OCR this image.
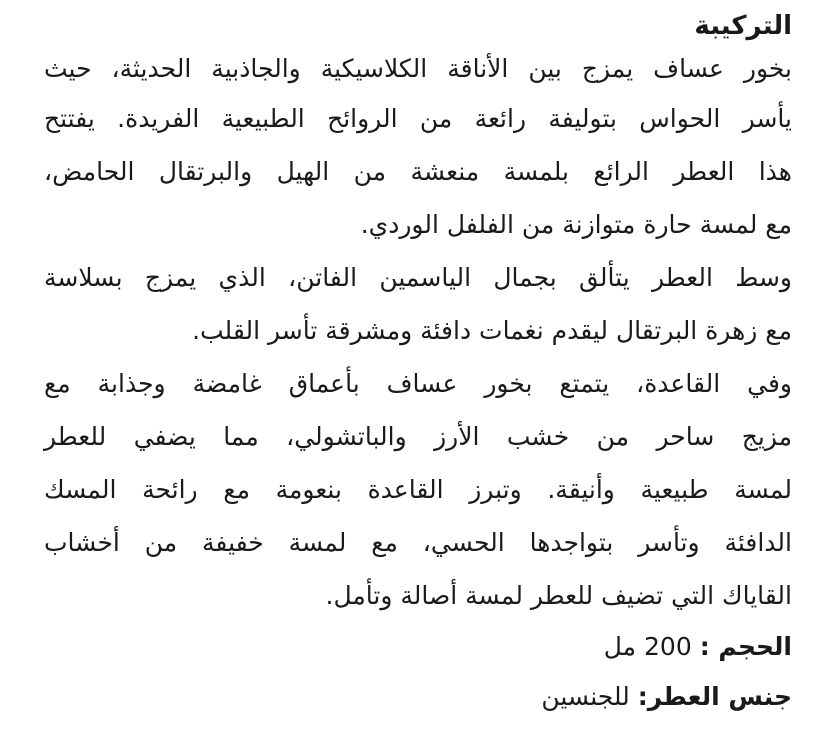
التركيبة
بخور عساف يمزج بين الأناقة الكلاسيكية والجاذبية الحديثة، حيث
يأسر الحواس بتوليفة رائعة من الروائح الطبيعية الفريدة. يفتتح
هذا العطر الرائع بلمسة منعشة من الهيل والبرتقال الحامض،
مع لمسة حارة متوازنة من الفلفل الوردي.
وسط العطر يتألق بجمال الياسمين الفاتن، الذي يمزج بسلاسة
مع زهرة البرتقال ليقدم نغمات دافئة ومشرقة تأسر القلب.
وفي القاعدة، يتمتع بخور عساف بأعماق غامضة وجذابة مع
مزيج ساحر من خشب الأرز والباتشولي، مما يضفي للعطر
لمسة طبيعية وأنيقة. وتبرز القاعدة بنعومة مع رائحة المسك
الدافئة وتأسر بتواجدها الحسي، مع لمسة خفيفة من أخشاب
القاياك التي تضيف للعطر لمسة أصالة وتأمل.
الحجم : 200 مل
جنس العطر: للجنسين
